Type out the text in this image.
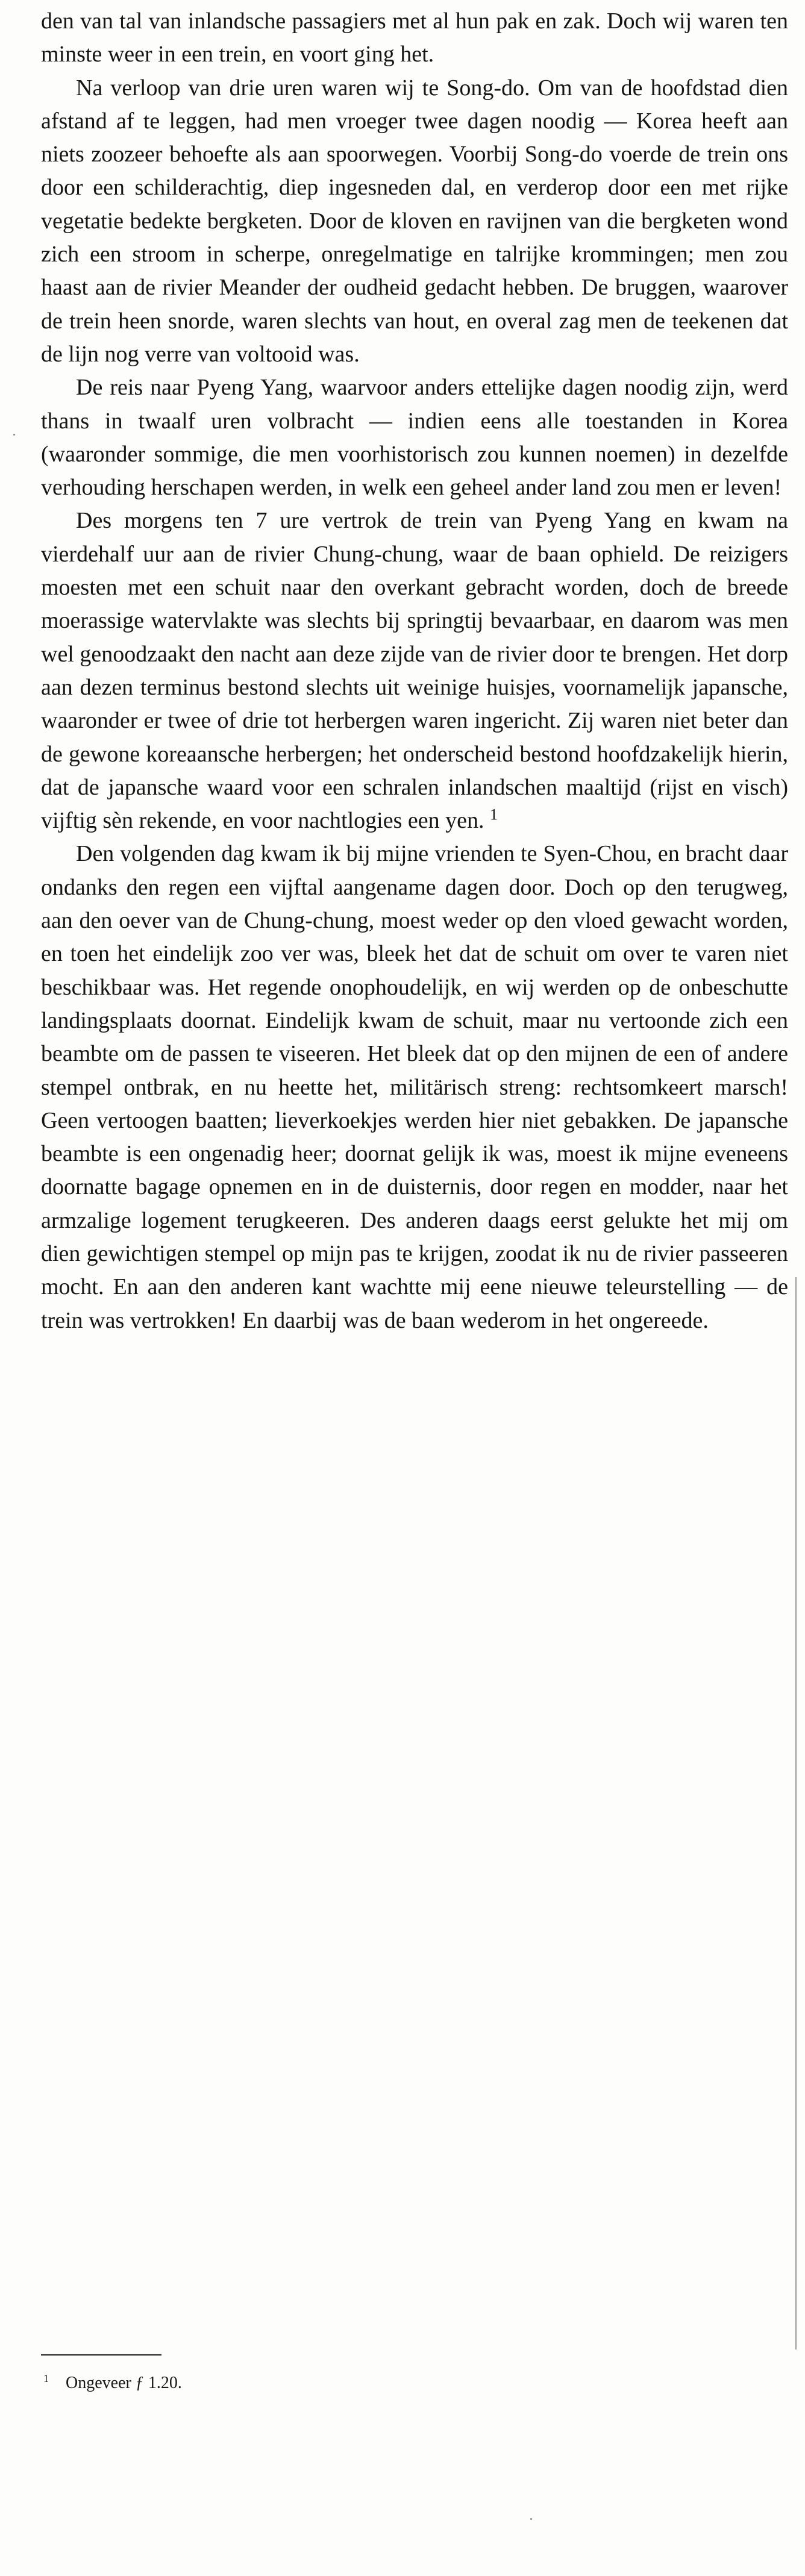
den van tal van inlandsche passagiers met al hun pak en zak. Doch wij waren ten minste weer in een trein, en voort ging het.

Na verloop van drie uren waren wij te Song-do. Om van de hoofdstad dien afstand af te leggen, had men vroeger twee dagen noodig — Korea heeft aan niets zoozeer behoefte als aan spoorwegen. Voorbij Song-do voerde de trein ons door een schilderachtig, diep ingesneden dal, en verderop door een met rijke vegetatie bedekte bergketen. Door de kloven en ravijnen van die bergketen wond zich een stroom in scherpe, onregelmatige en talrijke krommingen; men zou haast aan de rivier Meander der oudheid gedacht hebben. De bruggen, waarover de trein heen snorde, waren slechts van hout, en overal zag men de teekenen dat de lijn nog verre van voltooid was.

De reis naar Pyeng Yang, waarvoor anders ettelijke dagen noodig zijn, werd thans in twaalf uren volbracht — indien eens alle toestanden in Korea (waaronder sommige, die men voorhistorisch zou kunnen noemen) in dezelfde verhouding herschapen werden, in welk een geheel ander land zou men er leven!

Des morgens ten 7 ure vertrok de trein van Pyeng Yang en kwam na vierdehalf uur aan de rivier Chung-chung, waar de baan ophield. De reizigers moesten met een schuit naar den overkant gebracht worden, doch de breede moerassige watervlakte was slechts bij springtij bevaarbaar, en daarom was men wel genoodzaakt den nacht aan deze zijde van de rivier door te brengen. Het dorp aan dezen terminus bestond slechts uit weinige huisjes, voornamelijk japansche, waaronder er twee of drie tot herbergen waren ingericht. Zij waren niet beter dan de gewone koreaansche herbergen; het onderscheid bestond hoofdzakelijk hierin, dat de japansche waard voor een schralen inlandschen maaltijd (rijst en visch) vijftig sèn rekende, en voor nachtlogies een yen. $^1$

Den volgenden dag kwam ik bij mijne vrienden te Syen-Chou, en bracht daar ondanks den regen een vijftal aangename dagen door. Doch op den terugweg, aan den oever van de Chung-chung, moest weder op den vloed gewacht worden, en toen het eindelijk zoo ver was, bleek het dat de schuit om over te varen niet beschikbaar was. Het regende onophoudelijk, en wij werden op de onbeschutte landingsplaats doornat. Eindelijk kwam de schuit, maar nu vertoonde zich een beambte om de passen te viseeren. Het bleek dat op den mijnen de een of andere stempel ontbrak, en nu heette het, militärisch streng: rechtsomkeert marsch! Geen vertoogen baatten; lieverkoekjes werden hier niet gebakken. De japansche beambte is een ongenadig heer; doornat gelijk ik was, moest ik mijne eveneens doornatte bagage opnemen en in de duisternis, door regen en modder, naar het armzalige logement terugkeeren. Des anderen daags eerst gelukte het mij om dien gewichtigen stempel op mijn pas te krijgen, zoodat ik nu de rivier passeeren mocht. En aan den anderen kant wachtte mij eene nieuwe teleurstelling — de trein was vertrokken! En daarbij was de baan wederom in het ongereede.

$^1$ Ongeveer ƒ 1.20.
